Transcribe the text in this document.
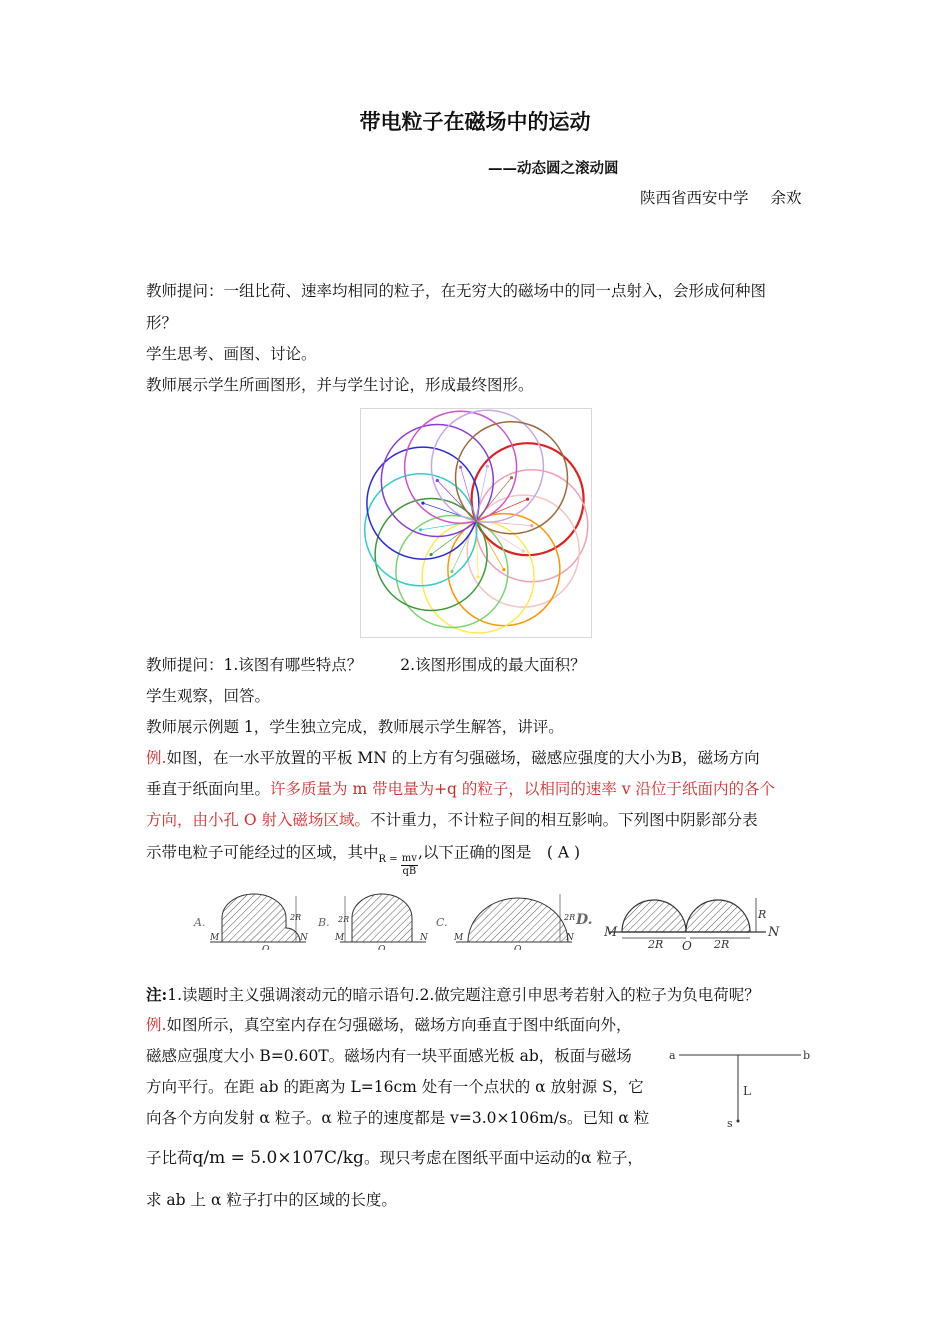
带电粒子在磁场中的运动
——动态圆之滚动圆
陕西省西安中学 余欢
教师提问：一组比荷、速率均相同的粒子，在无穷大的磁场中的同一点射入，会形成何种图
形？
学生思考、画图、讨论。
教师展示学生所画图形，并与学生讨论，形成最终图形。
教师提问：1.该图有哪些特点？ 2.该图形围成的最大面积？
学生观察，回答。
教师展示例题 1，学生独立完成，教师展示学生解答，讲评。
例.如图，在一水平放置的平板 MN 的上方有匀强磁场，磁感应强度的大小为B，磁场方向
垂直于纸面向里。许多质量为 m 带电量为+q 的粒子，以相同的速率 v 沿位于纸面内的各个
方向，由小孔 O 射入磁场区域。不计重力，不计粒子间的相互影响。下列图中阴影部分表
示带电粒子可能经过的区域，其中$R = \frac{mv}{qB}$
,以下正确的图是　( A )
A.
M
O
N
2R B.
M
O
N
2R	C.
M
O
N
2R D.
M
O
N
2R	2R
R
注:1.读题时主义强调滚动元的暗示语句.2.做完题注意引申思考若射入的粒子为负电荷呢？
例.如图所示，真空室内存在匀强磁场，磁场方向垂直于图中纸面向外，
磁感应强度大小 B=0.60T。磁场内有一块平面感光板 ab，板面与磁场
方向平行。在距 ab 的距离为 L=16cm 处有一个点状的 α 放射源 S，它
向各个方向发射 α 粒子。α 粒子的速度都是 v=3.0×106m/s。已知 α 粒
子比荷q/m = 5.0×107C/kg。现只考虑在图纸平面中运动的α 粒子，
求 ab 上 α 粒子打中的区域的长度。
a	b
L
s
